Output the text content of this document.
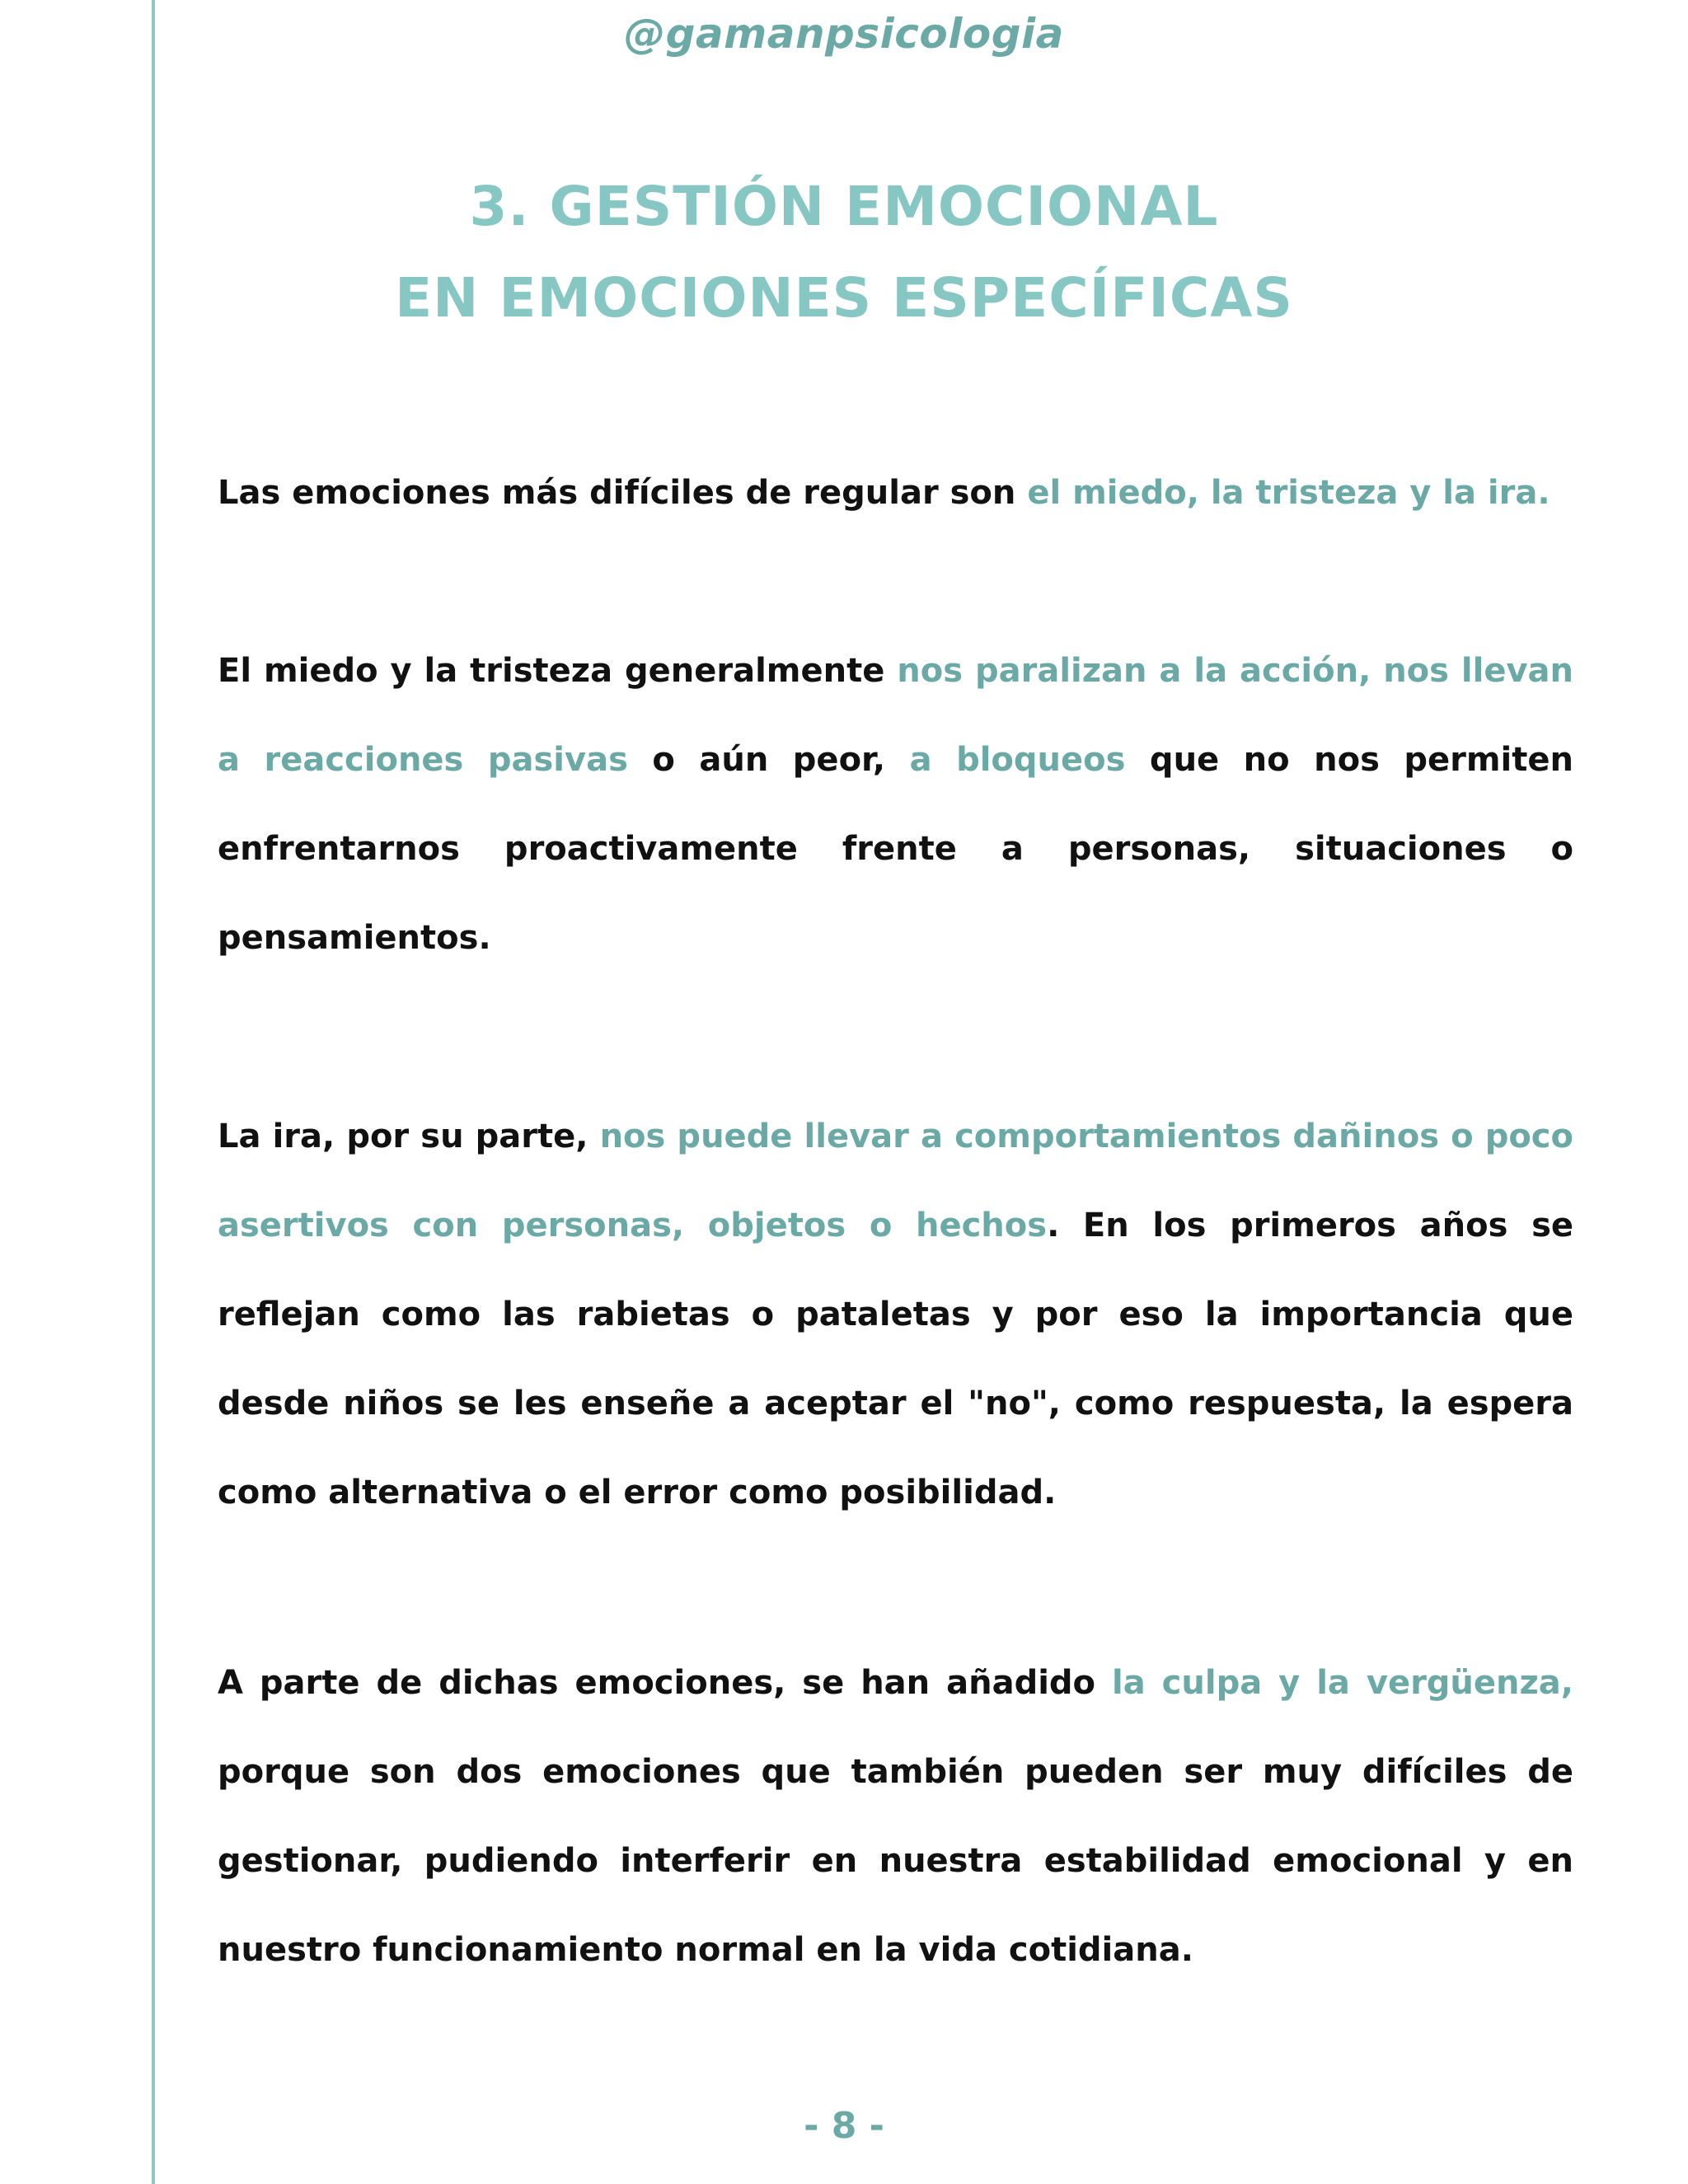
@gamanpsicologia
3. GESTIÓN EMOCIONAL
EN EMOCIONES ESPECÍFICAS

Las emociones más difíciles de regular son el miedo, la tristeza y la ira.

El miedo y la tristeza generalmente nos paralizan a la acción, nos llevan a reacciones pasivas o aún peor, a bloqueos que no nos permiten enfrentarnos proactivamente frente a personas, situaciones o pensamientos.

La ira, por su parte, nos puede llevar a comportamientos dañinos o poco asertivos con personas, objetos o hechos. En los primeros años se reflejan como las rabietas o pataletas y por eso la importancia que desde niños se les enseñe a aceptar el "no", como respuesta, la espera como alternativa o el error como posibilidad.

A parte de dichas emociones, se han añadido la culpa y la vergüenza, porque son dos emociones que también pueden ser muy difíciles de gestionar, pudiendo interferir en nuestra estabilidad emocional y en nuestro funcionamiento normal en la vida cotidiana.

- 8 -
